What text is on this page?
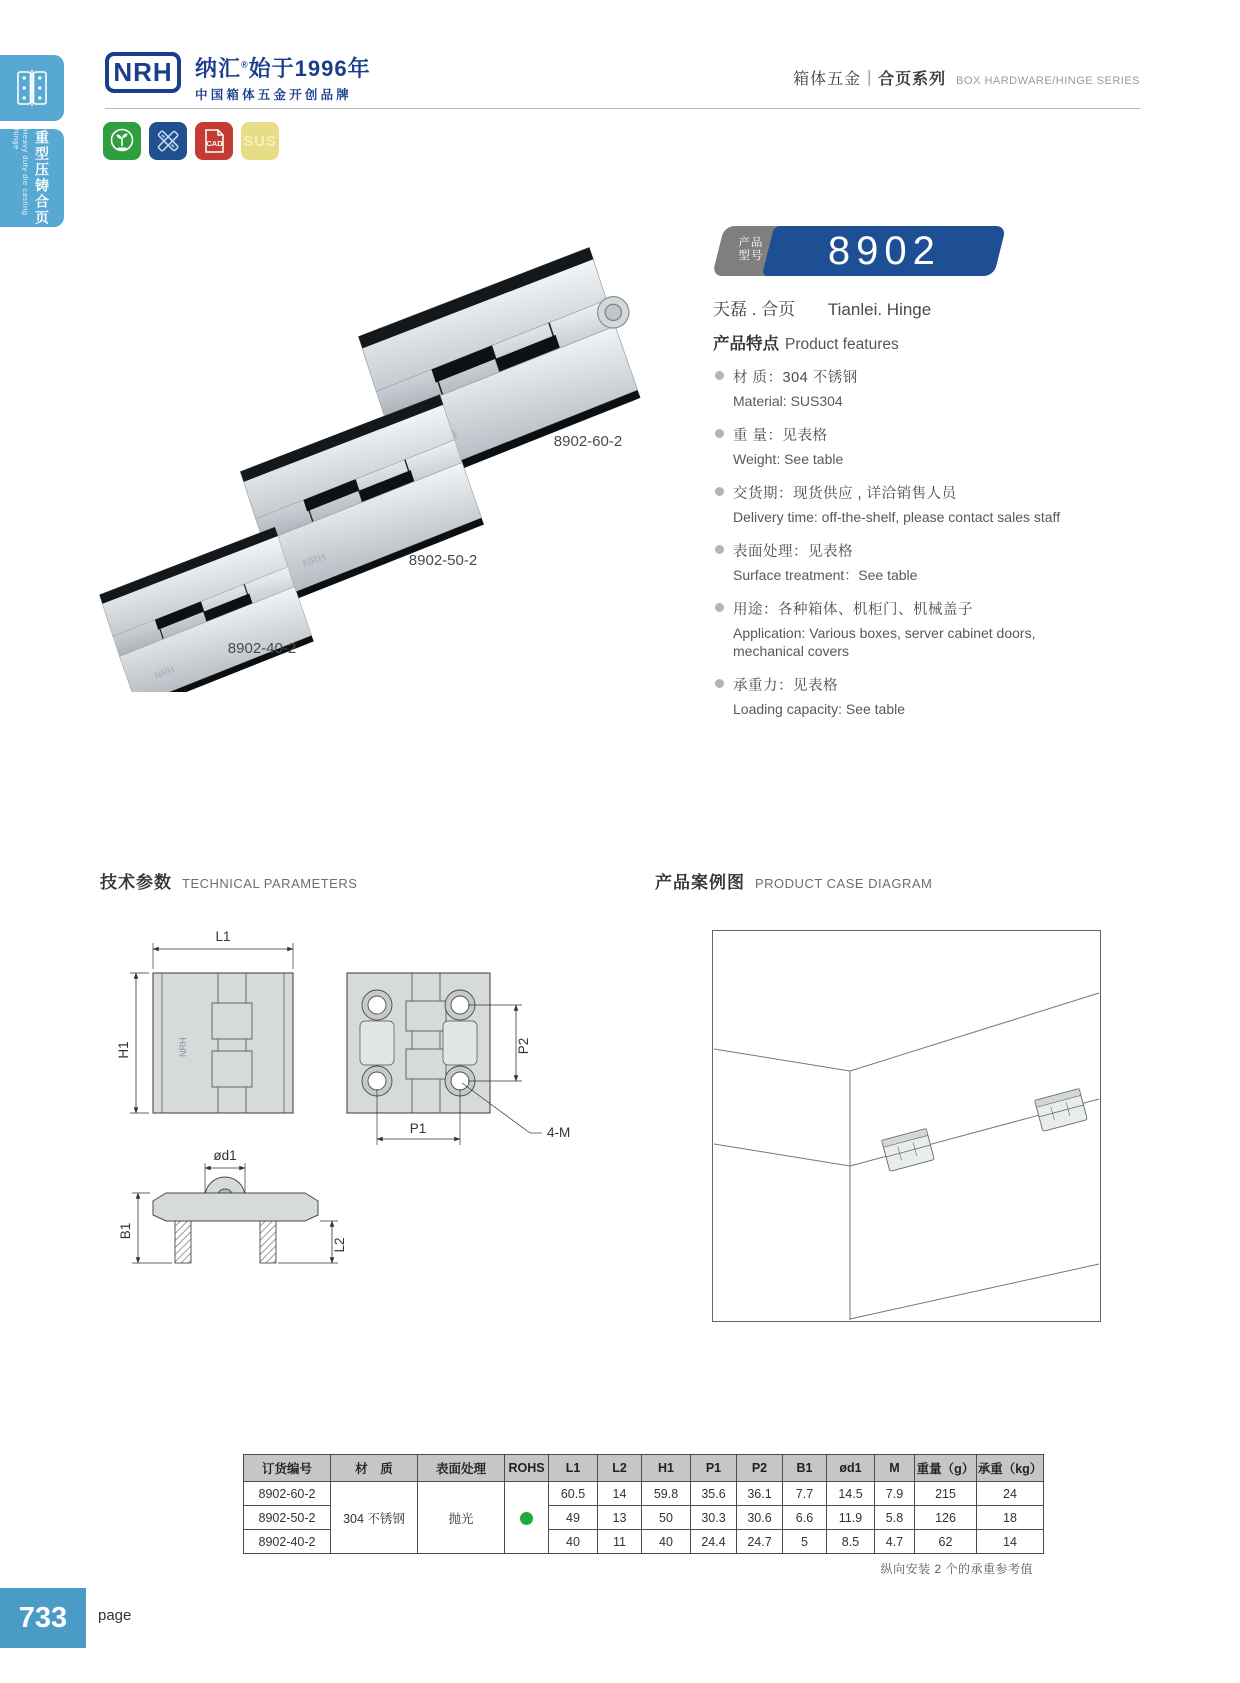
Heavy duty die casting hinge 重型压铸合页
NRH 纳汇®始于1996年
中国箱体五金开创品牌
箱体五金｜合页系列 BOX HARDWARE/HINGE SERIES
CAD SUS
NRH
8902-60-2
8902-50-2
8902-40-2
产品
型号	8902
天磊 . 合页 Tianlei. Hinge
产品特点 Product features
材 质：304 不锈钢
Material: SUS304
重 量：见表格
Weight: See table
交货期：现货供应 , 详洽销售人员
Delivery time: off-the-shelf, please contact sales staff
表面处理：见表格
Surface treatment：See table
用途：各种箱体、机柜门、机械盖子
Application: Various boxes, server cabinet doors, mechanical covers
承重力：见表格
Loading capacity: See table
技术参数 TECHNICAL PARAMETERS	产品案例图 PRODUCT CASE DIAGRAM
NRH
L1
H1	P2
P1	4-M
ød1
B1
L2
订货编号	材　质	表面处理	ROHS	L1	L2	H1	P1	P2	B1	ød1	M	重量（g）	承重（kg）
8902-60-2	304 不锈钢	抛光		60.5	14	59.8	35.6	36.1	7.7	14.5	7.9	215	24
8902-50-2				49	13	50	30.3	30.6	6.6	11.9	5.8	126	18
8902-40-2				40	11	40	24.4	24.7	5	8.5	4.7	62	14
纵向安装 2 个的承重参考值
733 page
